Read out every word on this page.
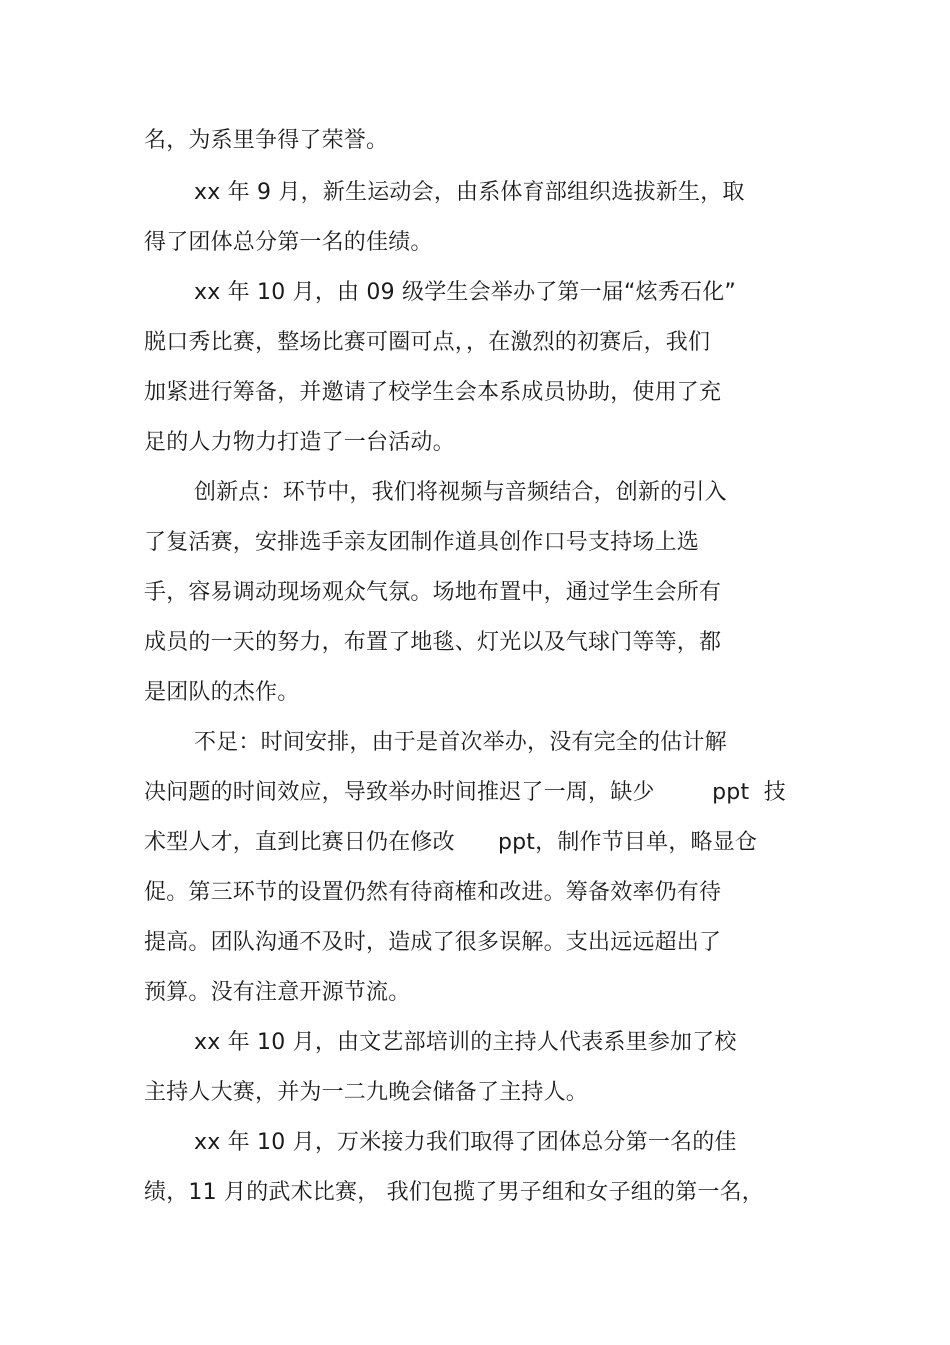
名，为系里争得了荣誉。
xx 年 9 月，新生运动会，由系体育部组织选拔新生，取
得了团体总分第一名的佳绩。
xx 年 10 月，由 09 级学生会举办了第一届“炫秀石化”
脱口秀比赛，整场比赛可圈可点，，在激烈的初赛后，我们
加紧进行筹备，并邀请了校学生会本系成员协助，使用了充
足的人力物力打造了一台活动。
创新点：环节中，我们将视频与音频结合，创新的引入
了复活赛，安排选手亲友团制作道具创作口号支持场上选
手，容易调动现场观众气氛。场地布置中，通过学生会所有
成员的一天的努力，布置了地毯、灯光以及气球门等等，都
是团队的杰作。
不足：时间安排，由于是首次举办，没有完全的估计解
决问题的时间效应，导致举办时间推迟了一周，缺少        ppt  技
术型人才，直到比赛日仍在修改      ppt，制作节目单，略显仓
促。第三环节的设置仍然有待商榷和改进。筹备效率仍有待
提高。团队沟通不及时，造成了很多误解。支出远远超出了
预算。没有注意开源节流。
xx 年 10 月，由文艺部培训的主持人代表系里参加了校
主持人大赛，并为一二九晚会储备了主持人。
xx 年 10 月，万米接力我们取得了团体总分第一名的佳
绩，11 月的武术比赛， 我们包揽了男子组和女子组的第一名，
